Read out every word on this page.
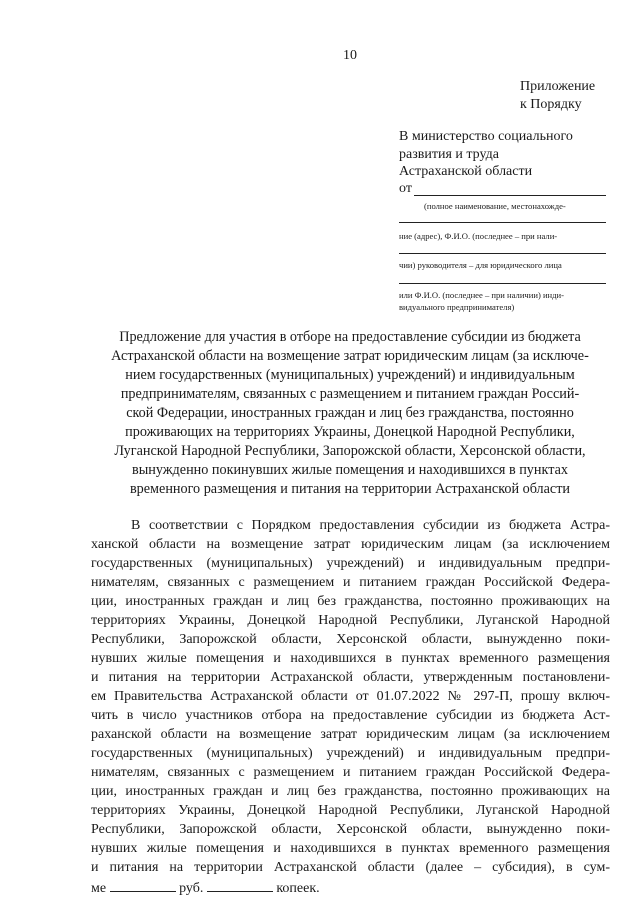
10
Приложение
к Порядку
В министерство социального
развития и труда
Астраханской области
от
(полное наименование, местонахожде-
ние (адрес), Ф.И.О. (последнее – при нали-
чии) руководителя – для юридического лица
или Ф.И.О. (последнее – при наличии) инди-
видуального предпринимателя)
Предложение для участия в отборе на предоставление субсидии из бюджета
Астраханской области на возмещение затрат юридическим лицам (за исключе-
нием государственных (муниципальных) учреждений) и индивидуальным
предпринимателям, связанных с размещением и питанием граждан Россий-
ской Федерации, иностранных граждан и лиц без гражданства, постоянно
проживающих на территориях Украины, Донецкой Народной Республики,
Луганской Народной Республики, Запорожской области, Херсонской области,
вынужденно покинувших жилые помещения и находившихся в пунктах
временного размещения и питания на территории Астраханской области
В соответствии с Порядком предоставления субсидии из бюджета Астра-
ханской области на возмещение затрат юридическим лицам (за исключением
государственных (муниципальных) учреждений) и индивидуальным предпри-
нимателям, связанных с размещением и питанием граждан Российской Федера-
ции, иностранных граждан и лиц без гражданства, постоянно проживающих на
территориях Украины, Донецкой Народной Республики, Луганской Народной
Республики, Запорожской области, Херсонской области, вынужденно поки-
нувших жилые помещения и находившихся в пунктах временного размещения
и питания на территории Астраханской области, утвержденным постановлени-
ем Правительства Астраханской области от 01.07.2022 № 297-П, прошу включ-
чить в число участников отбора на предоставление субсидии из бюджета Аст-
раханской области на возмещение затрат юридическим лицам (за исключением
государственных (муниципальных) учреждений) и индивидуальным предпри-
нимателям, связанных с размещением и питанием граждан Российской Федера-
ции, иностранных граждан и лиц без гражданства, постоянно проживающих на
территориях Украины, Донецкой Народной Республики, Луганской Народной
Республики, Запорожской области, Херсонской области, вынужденно поки-
нувших жилые помещения и находившихся в пунктах временного размещения
и питания на территории Астраханской области (далее – субсидия), в сум-
ме	руб.	копеек.
